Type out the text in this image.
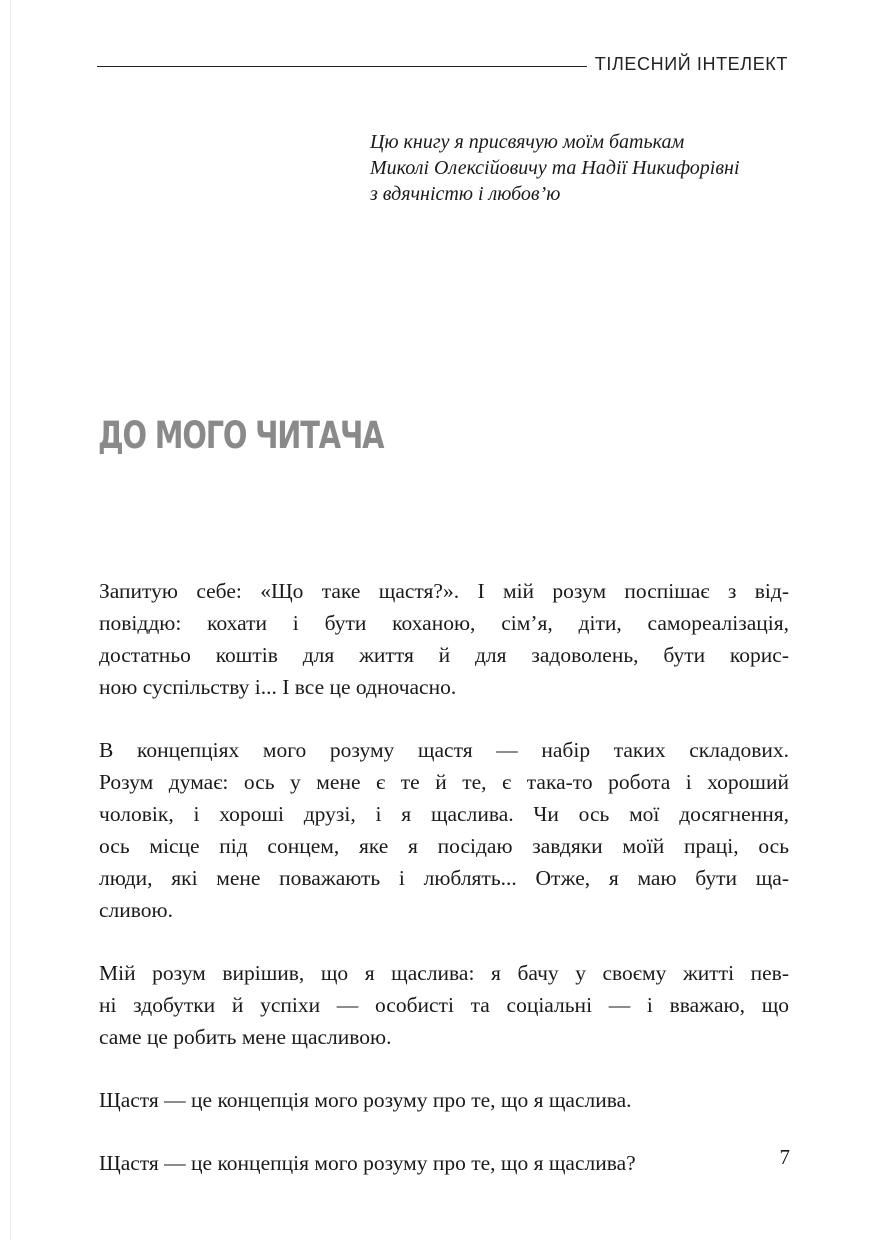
ТІЛЕСНИЙ ІНТЕЛЕКТ
Цю книгу я присвячую моїм батькам
Миколі Олексійовичу та Надії Никифорівні
з вдячністю і любов’ю
ДО МОГО ЧИТАЧА
Запитую себе: «Що таке щастя?». І мій розум поспішає з від-
повіддю: кохати і бути коханою, сім’я, діти, самореалізація,
достатньо коштів для життя й для задоволень, бути корис-
ною суспільству і... І все це одночасно.
В концепціях мого розуму щастя — набір таких складових.
Розум думає: ось у мене є те й те, є така-то робота і хороший
чоловік, і хороші друзі, і я щаслива. Чи ось мої досягнення,
ось місце під сонцем, яке я посідаю завдяки моїй праці, ось
люди, які мене поважають і люблять... Отже, я маю бути ща-
сливою.
Мій розум вирішив, що я щаслива: я бачу у своєму житті пев-
ні здобутки й успіхи — особисті та соціальні — і вважаю, що
саме це робить мене щасливою.
Щастя — це концепція мого розуму про те, що я щаслива.
Щастя — це концепція мого розуму про те, що я щаслива?	7
